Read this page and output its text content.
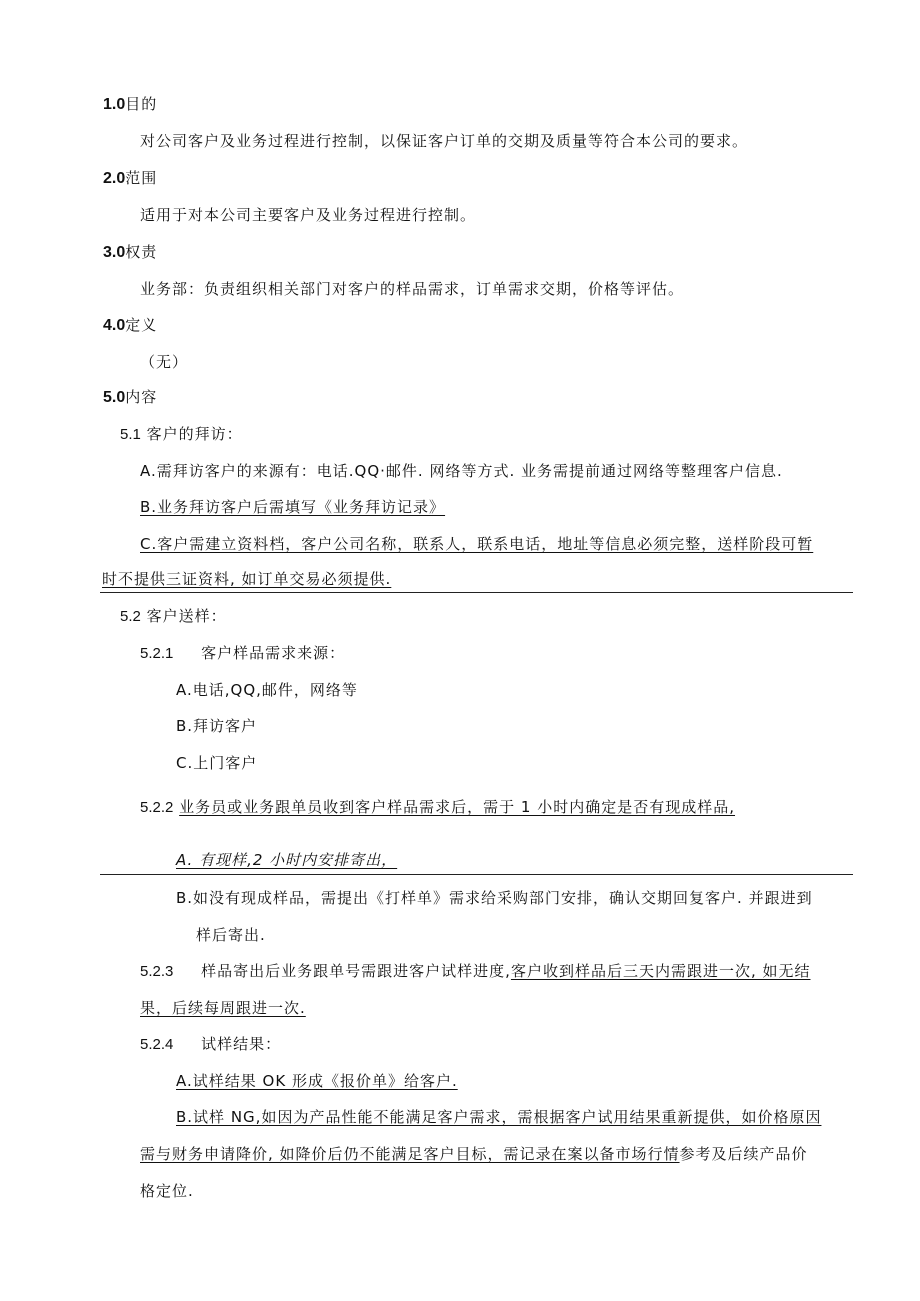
1.0目的
对公司客户及业务过程进行控制，以保证客户订单的交期及质量等符合本公司的要求。
2.0范围
适用于对本公司主要客户及业务过程进行控制。
3.0权责
业务部：负责组织相关部门对客户的样品需求，订单需求交期，价格等评估。
4.0定义
（无）
5.0内容
5.1 客户的拜访：
A.需拜访客户的来源有：电话.QQ·邮件. 网络等方式. 业务需提前通过网络等整理客户信息.
B.业务拜访客户后需填写《业务拜访记录》
C.客户需建立资料档，客户公司名称，联系人，联系电话，地址等信息必须完整，送样阶段可暂
时不提供三证资料, 如订单交易必须提供.
5.2 客户送样：
5.2.1 客户样品需求来源：
A.电话,QQ,邮件，网络等
B.拜访客户
C.上门客户
5.2.2 业务员或业务跟单员收到客户样品需求后，需于 1 小时内确定是否有现成样品,
A. 有现样,2 小时内安排寄出，
B.如没有现成样品，需提出《打样单》需求给采购部门安排，确认交期回复客户. 并跟进到
样后寄出.
5.2.3 样品寄出后业务跟单号需跟进客户试样进度,客户收到样品后三天内需跟进一次, 如无结
果，后续每周跟进一次.
5.2.4 试样结果：
A.试样结果 OK 形成《报价单》给客户.
B.试样 NG,如因为产品性能不能满足客户需求，需根据客户试用结果重新提供，如价格原因
需与财务申请降价, 如降价后仍不能满足客户目标，需记录在案以备市场行情参考及后续产品价
格定位.
